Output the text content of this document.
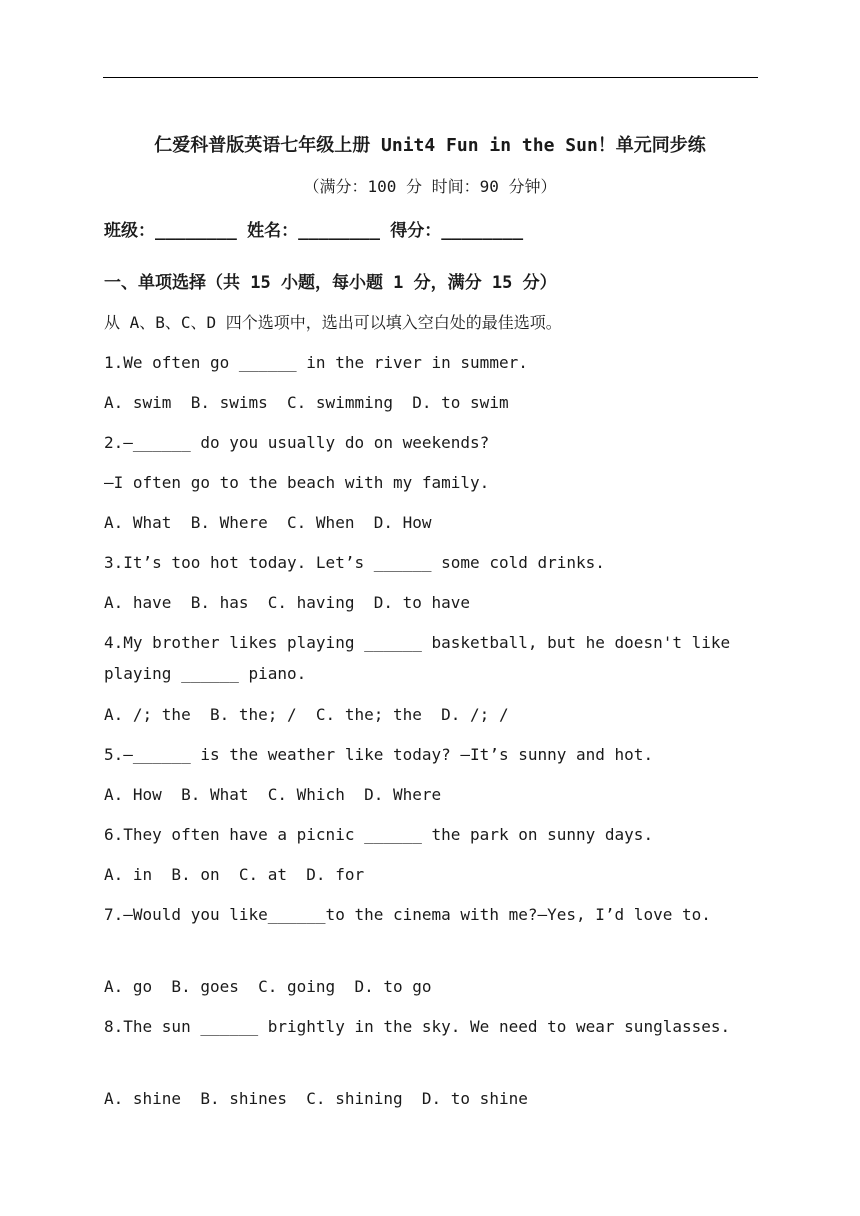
仁爱科普版英语七年级上册 Unit4 Fun in the Sun！单元同步练
（满分：100 分 时间：90 分钟）
班级：________ 姓名：________ 得分：________
一、单项选择（共 15 小题，每小题 1 分，满分 15 分）
从 A、B、C、D 四个选项中，选出可以填入空白处的最佳选项。
1.We often go ______ in the river in summer.
A. swim  B. swims  C. swimming  D. to swim
2.—______ do you usually do on weekends?
—I often go to the beach with my family.
A. What  B. Where  C. When  D. How
3.It’s too hot today. Let’s ______ some cold drinks.
A. have  B. has  C. having  D. to have
4.My brother likes playing ______ basketball, but he doesn't like playing ______ piano.
A. /; the  B. the; /  C. the; the  D. /; /
5.—______ is the weather like today? —It’s sunny and hot.
A. How  B. What  C. Which  D. Where
6.They often have a picnic ______ the park on sunny days.
A. in  B. on  C. at  D. for
7.—Would you like______to the cinema with me?—Yes, I’d love to.
A. go  B. goes  C. going  D. to go
8.The sun ______ brightly in the sky. We need to wear sunglasses.
A. shine  B. shines  C. shining  D. to shine
